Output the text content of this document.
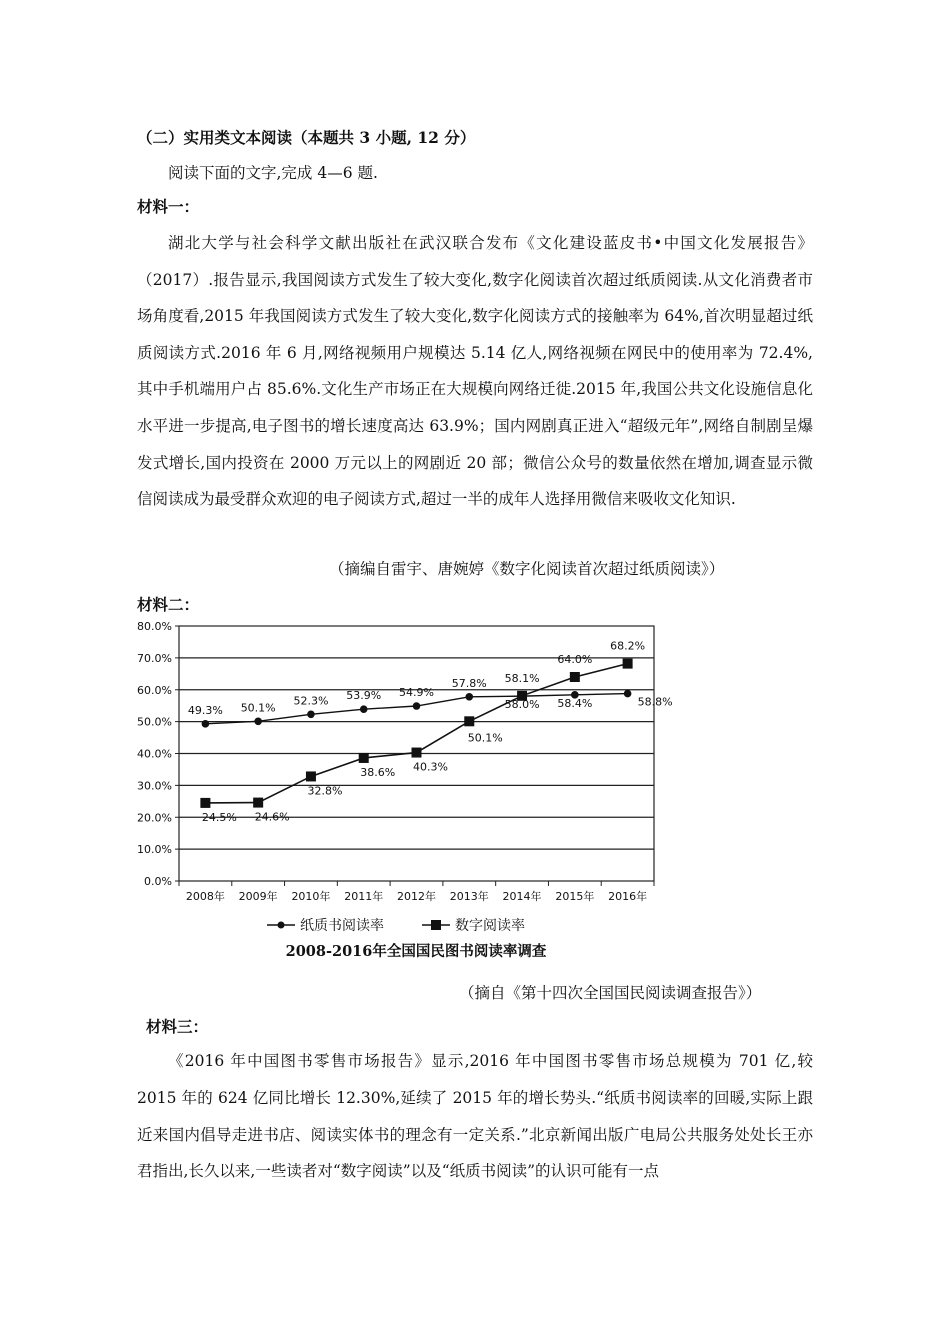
（二）实用类文本阅读（本题共 3 小题, 12 分）
阅读下面的文字,完成 4—6 题.
材料一：

湖北大学与社会科学文献出版社在武汉联合发布《文化建设蓝皮书•中国文化发展报告》（2017）.报告显示,我国阅读方式发生了较大变化,数字化阅读首次超过纸质阅读.从文化消费者市场角度看,2015 年我国阅读方式发生了较大变化,数字化阅读方式的接触率为 64%,首次明显超过纸质阅读方式.2016 年 6 月,网络视频用户规模达 5.14 亿人,网络视频在网民中的使用率为 72.4%,其中手机端用户占 85.6%.文化生产市场正在大规模向网络迁徙.2015 年,我国公共文化设施信息化水平进一步提高,电子图书的增长速度高达 63.9%；国内网剧真正进入“超级元年”,网络自制剧呈爆发式增长,国内投资在 2000 万元以上的网剧近 20 部；微信公众号的数量依然在增加,调查显示微信阅读成为最受群众欢迎的电子阅读方式,超过一半的成年人选择用微信来吸收文化知识.

（摘编自雷宇、唐婉婷《数字化阅读首次超过纸质阅读》）
材料二：
0.0%
10.0%
20.0%
30.0%
40.0%
50.0%
60.0%
70.0%
80.0%
2008年 2009年 2010年 2011年 2012年 2013年 2014年 2015年 2016年
49.3% 50.1%
52.3% 53.9% 54.9%
57.8%
58.0% 58.4%	58.8%
24.5% 24.6%
32.8%
38.6% 40.3%
50.1%
58.1%
64.0%
68.2%
纸质书阅读率	数字阅读率
2008-2016年全国国民图书阅读率调查
（摘自《第十四次全国国民阅读调查报告》）
材料三：

《2016 年中国图书零售市场报告》显示,2016 年中国图书零售市场总规模为 701 亿,较 2015 年的 624 亿同比增长 12.30%,延续了 2015 年的增长势头.“纸质书阅读率的回暖,实际上跟近来国内倡导走进书店、阅读实体书的理念有一定关系.”北京新闻出版广电局公共服务处处长王亦君指出,长久以来,一些读者对“数字阅读”以及“纸质书阅读”的认识可能有一点
